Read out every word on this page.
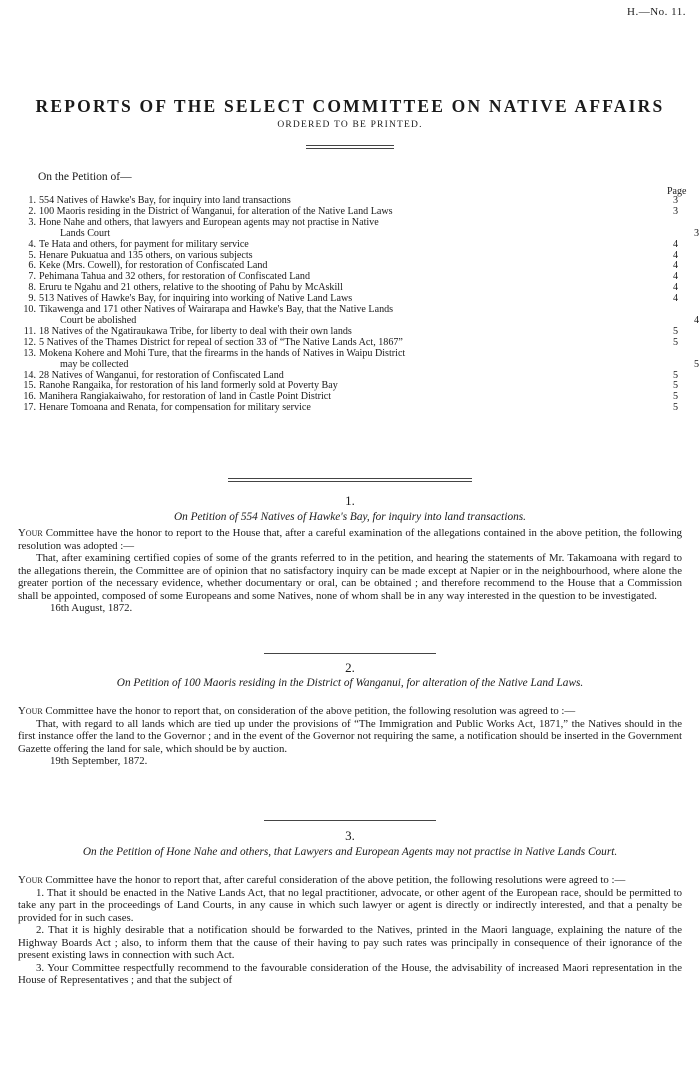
H.—No. 11.
REPORTS OF THE SELECT COMMITTEE ON NATIVE AFFAIRS
ORDERED TO BE PRINTED.
On the Petition of—
Page
1. 554 Natives of Hawke's Bay, for inquiry into land transactions	3
2. 100 Maoris residing in the District of Wanganui, for alteration of the Native Land Laws	3
3. Hone Nahe and others, that lawyers and European agents may not practise in Native
Lands Court	3
4. Te Hata and others, for payment for military service	4
5. Henare Pukuatua and 135 others, on various subjects	4
6. Keke (Mrs. Cowell), for restoration of Confiscated Land	4
7. Pehimana Tahua and 32 others, for restoration of Confiscated Land	4
8. Eruru te Ngahu and 21 others, relative to the shooting of Pahu by McAskill	4
9. 513 Natives of Hawke's Bay, for inquiring into working of Native Land Laws	4
10. Tikawenga and 171 other Natives of Wairarapa and Hawke's Bay, that the Native Lands
Court be abolished	4
11. 18 Natives of the Ngatiraukawa Tribe, for liberty to deal with their own lands	5
12. 5 Natives of the Thames District for repeal of section 33 of “The Native Lands Act, 1867”	5
13. Mokena Kohere and Mohi Ture, that the firearms in the hands of Natives in Waipu District
may be collected	5
14. 28 Natives of Wanganui, for restoration of Confiscated Land	5
15. Ranohe Rangaika, for restoration of his land formerly sold at Poverty Bay	5
16. Manihera Rangiakaiwaho, for restoration of land in Castle Point District	5
17. Henare Tomoana and Renata, for compensation for military service	5
1.
On Petition of 554 Natives of Hawke's Bay, for inquiry into land transactions.

Your Committee have the honor to report to the House that, after a careful examination of the allegations contained in the above petition, the following resolution was adopted :—

That, after examining certified copies of some of the grants referred to in the petition, and hearing the statements of Mr. Takamoana with regard to the allegations therein, the Committee are of opinion that no satisfactory inquiry can be made except at Napier or in the neighbourhood, where alone the greater portion of the necessary evidence, whether documentary or oral, can be obtained ; and therefore recommend to the House that a Commission shall be appointed, composed of some Europeans and some Natives, none of whom shall be in any way interested in the question to be investigated.

16th August, 1872.

2.
On Petition of 100 Maoris residing in the District of Wanganui, for alteration of the Native Land Laws.

Your Committee have the honor to report that, on consideration of the above petition, the following resolution was agreed to :—

That, with regard to all lands which are tied up under the provisions of “The Immigration and Public Works Act, 1871,” the Natives should in the first instance offer the land to the Governor ; and in the event of the Governor not requiring the same, a notification should be inserted in the Government Gazette offering the land for sale, which should be by auction.

19th September, 1872.

3.
On the Petition of Hone Nahe and others, that Lawyers and European Agents may not practise in Native Lands Court.

Your Committee have the honor to report that, after careful consideration of the above petition, the following resolutions were agreed to :—

1. That it should be enacted in the Native Lands Act, that no legal practitioner, advocate, or other agent of the European race, should be permitted to take any part in the proceedings of Land Courts, in any cause in which such lawyer or agent is directly or indirectly interested, and that a penalty be provided for in such cases.

2. That it is highly desirable that a notification should be forwarded to the Natives, printed in the Maori language, explaining the nature of the Highway Boards Act ; also, to inform them that the cause of their having to pay such rates was principally in consequence of their ignorance of the present existing laws in connection with such Act.

3. Your Committee respectfully recommend to the favourable consideration of the House, the advisability of increased Maori representation in the House of Representatives ; and that the subject of
